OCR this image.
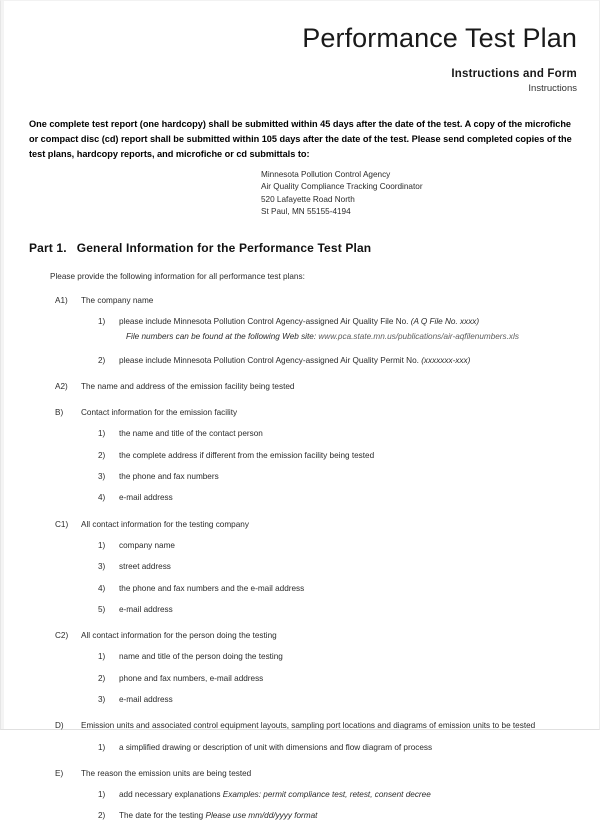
Performance Test Plan
Instructions and Form
Instructions
One complete test report (one hardcopy) shall be submitted within 45 days after the date of the test. A copy of the microfiche or compact disc (cd) report shall be submitted within 105 days after the date of the test. Please send completed copies of the test plans, hardcopy reports, and microfiche or cd submittals to:
Minnesota Pollution Control Agency
Air Quality Compliance Tracking Coordinator
520 Lafayette Road North
St Paul, MN 55155-4194
Part 1. General Information for the Performance Test Plan
Please provide the following information for all performance test plans:
A1)	The company name
1)	please include Minnesota Pollution Control Agency-assigned Air Quality File No. (A Q File No. xxxx)
File numbers can be found at the following Web site: www.pca.state.mn.us/publications/air-aqfilenumbers.xls
2)	please include Minnesota Pollution Control Agency-assigned Air Quality Permit No. (xxxxxxx-xxx)
A2)	The name and address of the emission facility being tested
B)	Contact information for the emission facility
1)	the name and title of the contact person
2)	the complete address if different from the emission facility being tested
3)	the phone and fax numbers
4)	e-mail address
C1)	All contact information for the testing company
1)	company name
3)	street address
4)	the phone and fax numbers and the e-mail address
5)	e-mail address
C2)	All contact information for the person doing the testing
1)	name and title of the person doing the testing
2)	phone and fax numbers, e-mail address
3)	e-mail address
D)	Emission units and associated control equipment layouts, sampling port locations and diagrams of emission units to be tested
1)	a simplified drawing or description of unit with dimensions and flow diagram of process
E)	The reason the emission units are being tested
1)	add necessary explanations Examples: permit compliance test, retest, consent decree
2)	The date for the testing Please use mm/dd/yyyy format
